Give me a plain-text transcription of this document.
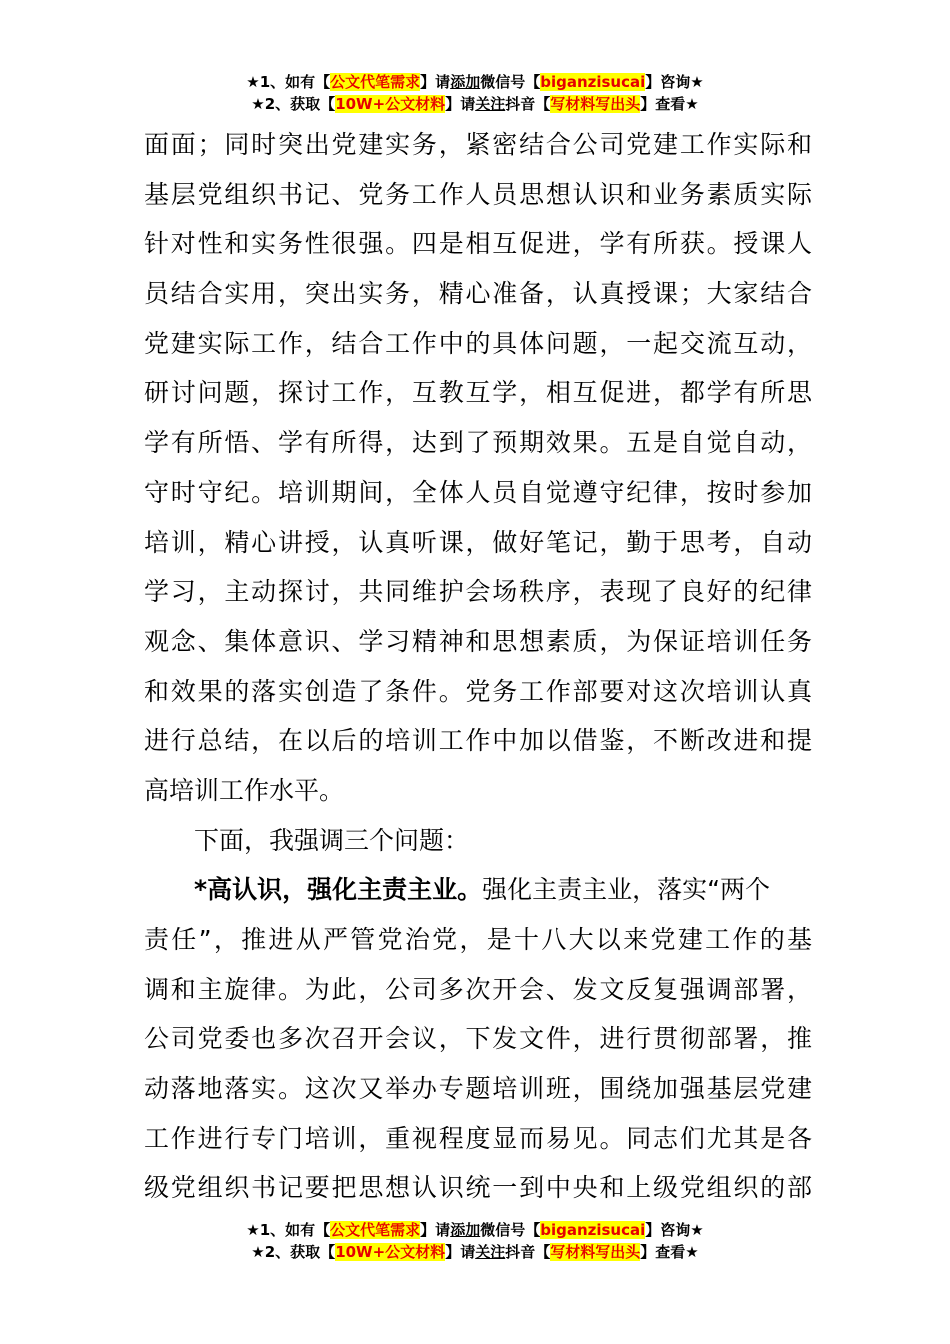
★1、如有【公文代笔需求】请添加微信号【biganzisucai】咨询★
★2、获取【10W+公文材料】请关注抖音【写材料写出头】查看★
面面；同时突出党建实务，紧密结合公司党建工作实际和
基层党组织书记、党务工作人员思想认识和业务素质实际
针对性和实务性很强。四是相互促进，学有所获。授课人
员结合实用，突出实务，精心准备，认真授课；大家结合
党建实际工作，结合工作中的具体问题，一起交流互动，
研讨问题，探讨工作，互教互学，相互促进，都学有所思
学有所悟、学有所得，达到了预期效果。五是自觉自动，
守时守纪。培训期间，全体人员自觉遵守纪律，按时参加
培训，精心讲授，认真听课，做好笔记，勤于思考，自动
学习，主动探讨，共同维护会场秩序，表现了良好的纪律
观念、集体意识、学习精神和思想素质，为保证培训任务
和效果的落实创造了条件。党务工作部要对这次培训认真
进行总结，在以后的培训工作中加以借鉴，不断改进和提
高培训工作水平。
下面，我强调三个问题：
*高认识，强化主责主业。强化主责主业，落实“两个
责任”，推进从严管党治党，是十八大以来党建工作的基
调和主旋律。为此，公司多次开会、发文反复强调部署，
公司党委也多次召开会议，下发文件，进行贯彻部署，推
动落地落实。这次又举办专题培训班，围绕加强基层党建
工作进行专门培训，重视程度显而易见。同志们尤其是各
级党组织书记要把思想认识统一到中央和上级党组织的部
★1、如有【公文代笔需求】请添加微信号【biganzisucai】咨询★
★2、获取【10W+公文材料】请关注抖音【写材料写出头】查看★
